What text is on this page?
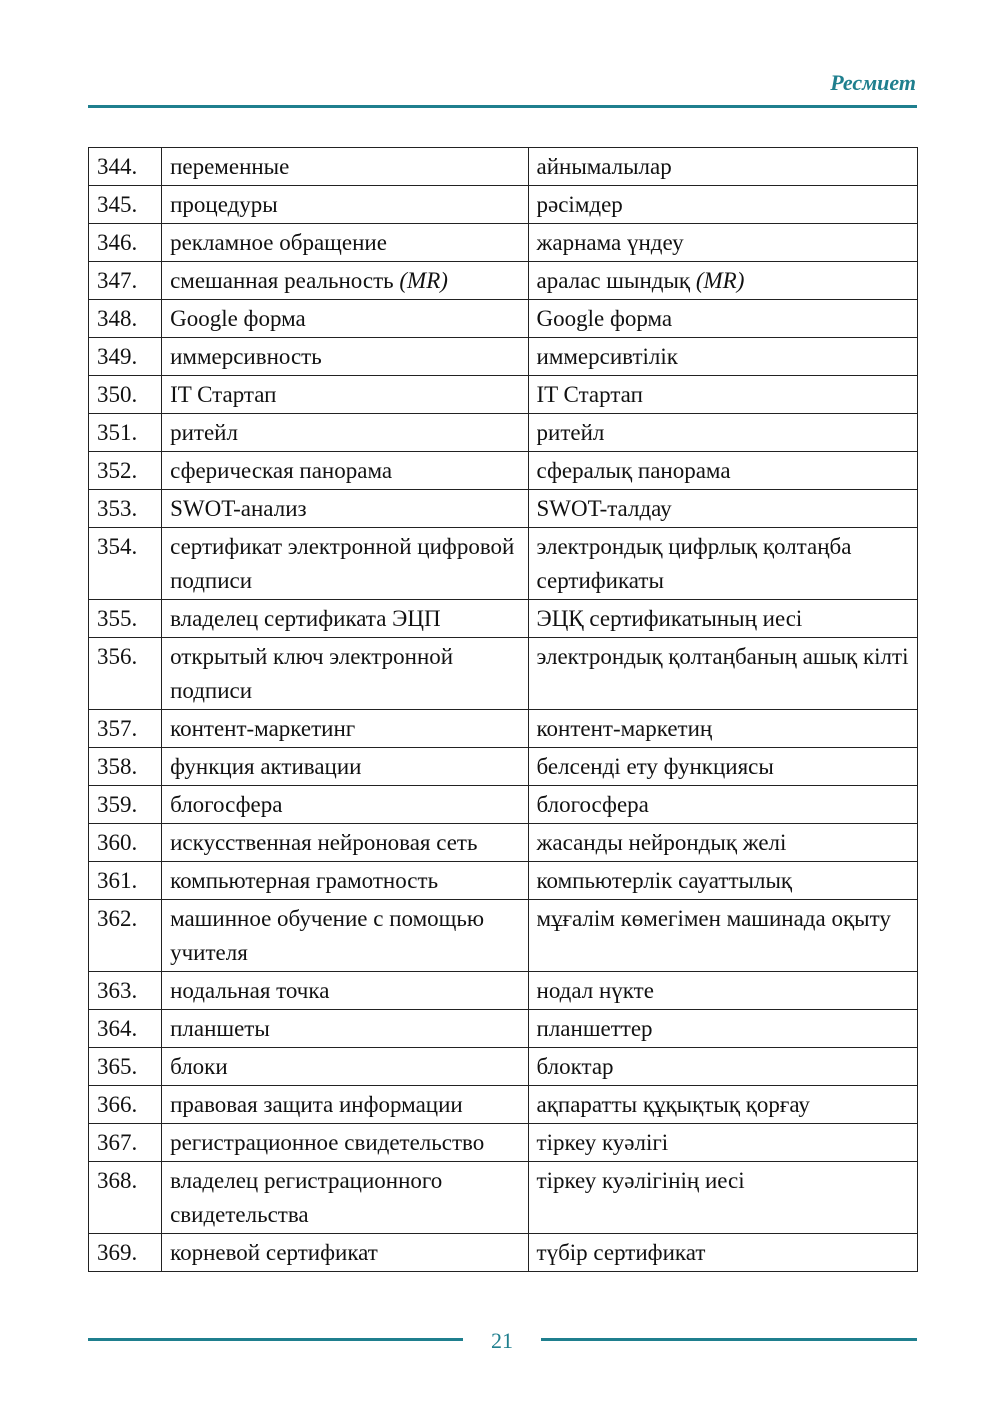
Ресмиет
344.	переменные	айнымалылар
345.	процедуры	рәсімдер
346.	рекламное обращение	жарнама үндеу
347.	смешанная реальность (MR)	аралас шындық (MR)
348.	Google форма	Google форма
349.	иммерсивность	иммерсивтілік
350.	IT Стартап	IT Стартап
351.	ритейл	ритейл
352.	сферическая панорама	сфералық панорама
353.	SWOT-анализ	SWOT-талдау
354.	сертификат электронной цифровой подписи	электрондық цифрлық қолтаңба сертификаты
355.	владелец сертификата ЭЦП	ЭЦҚ сертификатының иесі
356.	открытый ключ электронной подписи	электрондық қолтаңбаның ашық кілті
357.	контент-маркетинг	контент-маркетиң
358.	функция активации	белсенді ету функциясы
359.	блогосфера	блогосфера
360.	искусственная нейроновая сеть	жасанды нейрондық желі
361.	компьютерная грамотность	компьютерлік сауаттылық
362.	машинное обучение с помощью учителя	мұғалім көмегімен машинада оқыту
363.	нодальная точка	нодал нүкте
364.	планшеты	планшеттер
365.	блоки	блоктар
366.	правовая защита информации	ақпаратты құқықтық қорғау
367.	регистрационное свидетельство	тіркеу куәлігі
368.	владелец регистрационного свидетельства	тіркеу куәлігінің иесі
369.	корневой сертификат	түбір сертификат
21
